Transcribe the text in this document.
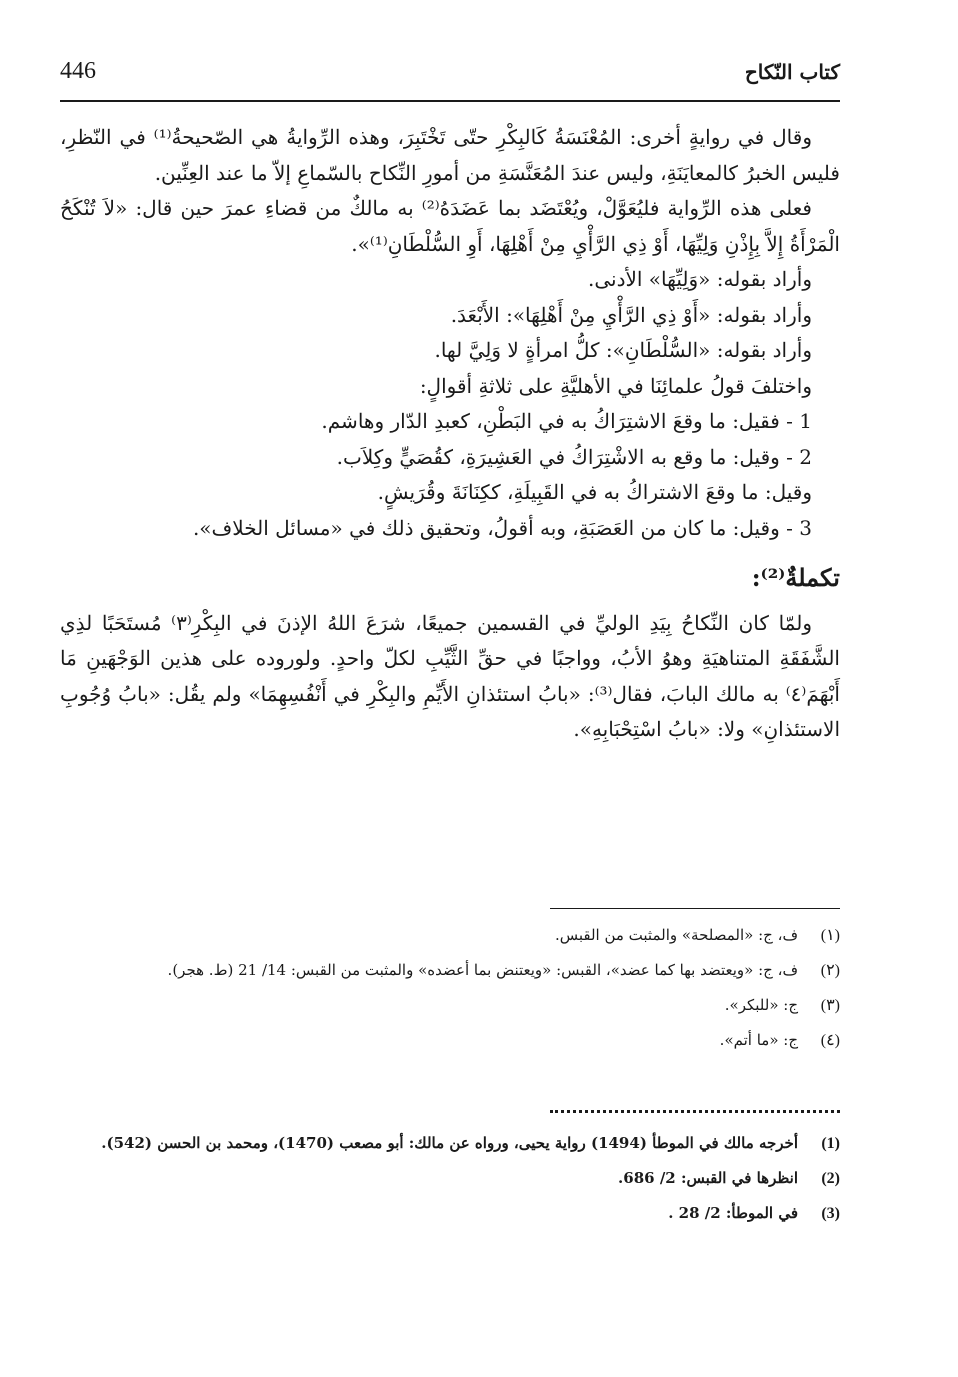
446	كتاب النّكاح

وقال في روايةٍ أخرى: المُعْنَسَةُ كَالبِكْرِ حتّى تَخْتَبِرَ، وهذه الرِّوايةُ هي الصّحيحةُ⁽¹⁾ في النّظرِ، فليس الخبرُ كالمعايَنَةِ، وليس عندَ المُعَنَّسَةِ من أمورِ النِّكاح بالسّماعِ إلاّ ما عند العِنِّين.

فعلى هذه الرِّواية فليُعَوَّلْ، ويُعْتَضَد بما عَضَدَهُ⁽²⁾ به مالكٌ من قضاءِ عمرَ حين قال: «لاَ تُنْكَحُ الْمَرْأَةُ إِلاَّ بِإِذْنِ وَلِيِّهَا، أَوْ ذِي الرَّأْيِ مِنْ أَهْلِهَا، أَوِ السُّلْطَانِ⁽¹⁾».

وأراد بقوله: «وَلِيِّهَا» الأدنى.

وأراد بقوله: «أَوْ ذِي الرَّأْيِ مِنْ أَهْلِهَا»: الأَبْعَدَ.

وأراد بقوله: «السُّلْطَانِ»: كلُّ امرأةٍ لا وَلِيَّ لها.

واختلفَ قولُ علمائِنَا في الأهليَّةِ على ثلاثةِ أقوالٍ:

1 - فقيل: ما وقعَ الاشتِرَاكُ به في البَطْنِ، كعبدِ الدّار وهاشم.

2 - وقيل: ما وقع به الاشْتِرَاكُ في العَشِيرَةِ، كقُصَيٍّ وكِلاَب.

وقيل: ما وقعَ الاشتراكُ به في القَبِيلَةِ، ككِنَانَةَ وقُرَيشٍ.

3 - وقيل: ما كان من العَصَبَةِ، وبه أقولُ، وتحقيق ذلك في «مسائل الخلاف».

تكملةٌ⁽²⁾:

ولمّا كان النِّكاحُ بِيَدِ الوليِّ في القسمين جميعًا، شرَعَ اللهُ الإذنَ في البِكْرِ⁽٣⁾ مُستَحَبًا لذِي الشَّفَقَةِ المتناهيَةِ وهوُ الأبُ، وواجبًا في حقِّ الثَّيِّبِ لكلّ واحدٍ. ولوروده على هذين الوَجْهَينِ مَا أَبْهَمَ⁽٤⁾ به مالك البابَ، فقال⁽³⁾: «بابُ استئذانِ الأَيِّمِ والبِكْرِ في أَنْفُسِهِمَا» ولم يقُل: «بابُ وُجُوبِ الاستئذانِ» ولا: «بابُ اسْتِحْبَابِهِ».

(١)
ف، ج: «المصلحة» والمثبت من القبس.
(٢)
ف، ج: «ويعتضد بها كما عضد»، القبس: «ويعتنض بما أعضده» والمثبت من القبس: 14/ 21 (ط. هجر).
(٣)
ج: «للبكر».
(٤)
ج: «ما أتم».
(1)
أخرجه مالك في الموطأ (1494) رواية يحيى، ورواه عن مالك: أبو مصعب (1470)، ومحمد بن الحسن (542).
(2)
انظرها في القبس: 2/ 686.
(3)
في الموطأ: 2/ 28 .
